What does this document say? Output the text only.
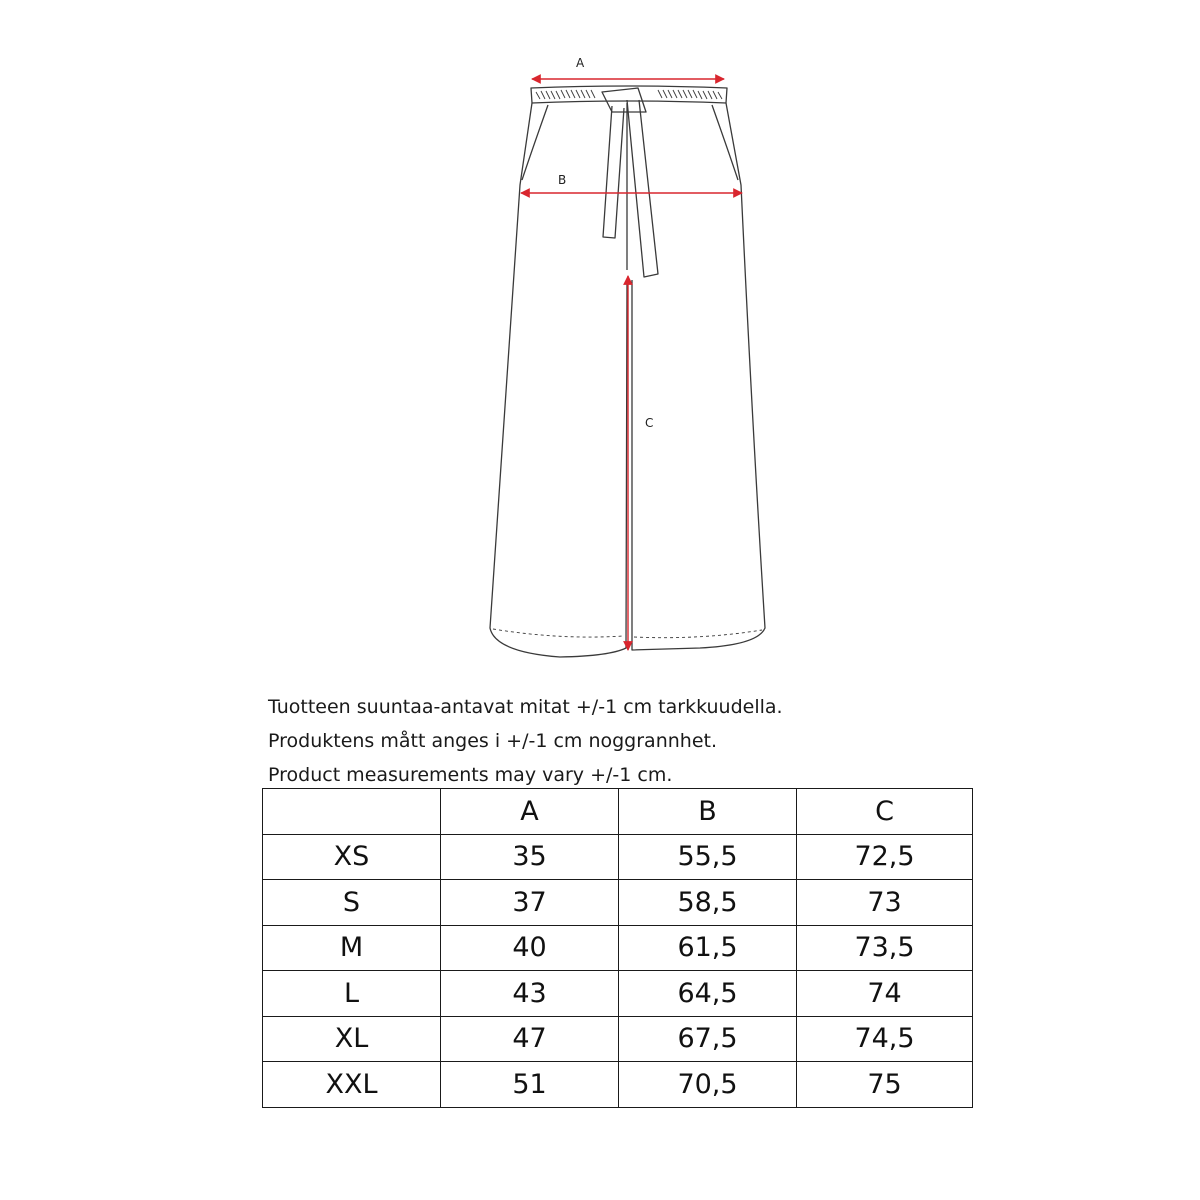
A
B
C
Tuotteen suuntaa-antavat mitat +/-1 cm tarkkuudella.
Produktens mått anges i +/-1 cm noggrannhet.
Product measurements may vary +/-1 cm.
	A	B	C
XS	35	55,5	72,5
S	37	58,5	73
M	40	61,5	73,5
L	43	64,5	74
XL	47	67,5	74,5
XXL	51	70,5	75
